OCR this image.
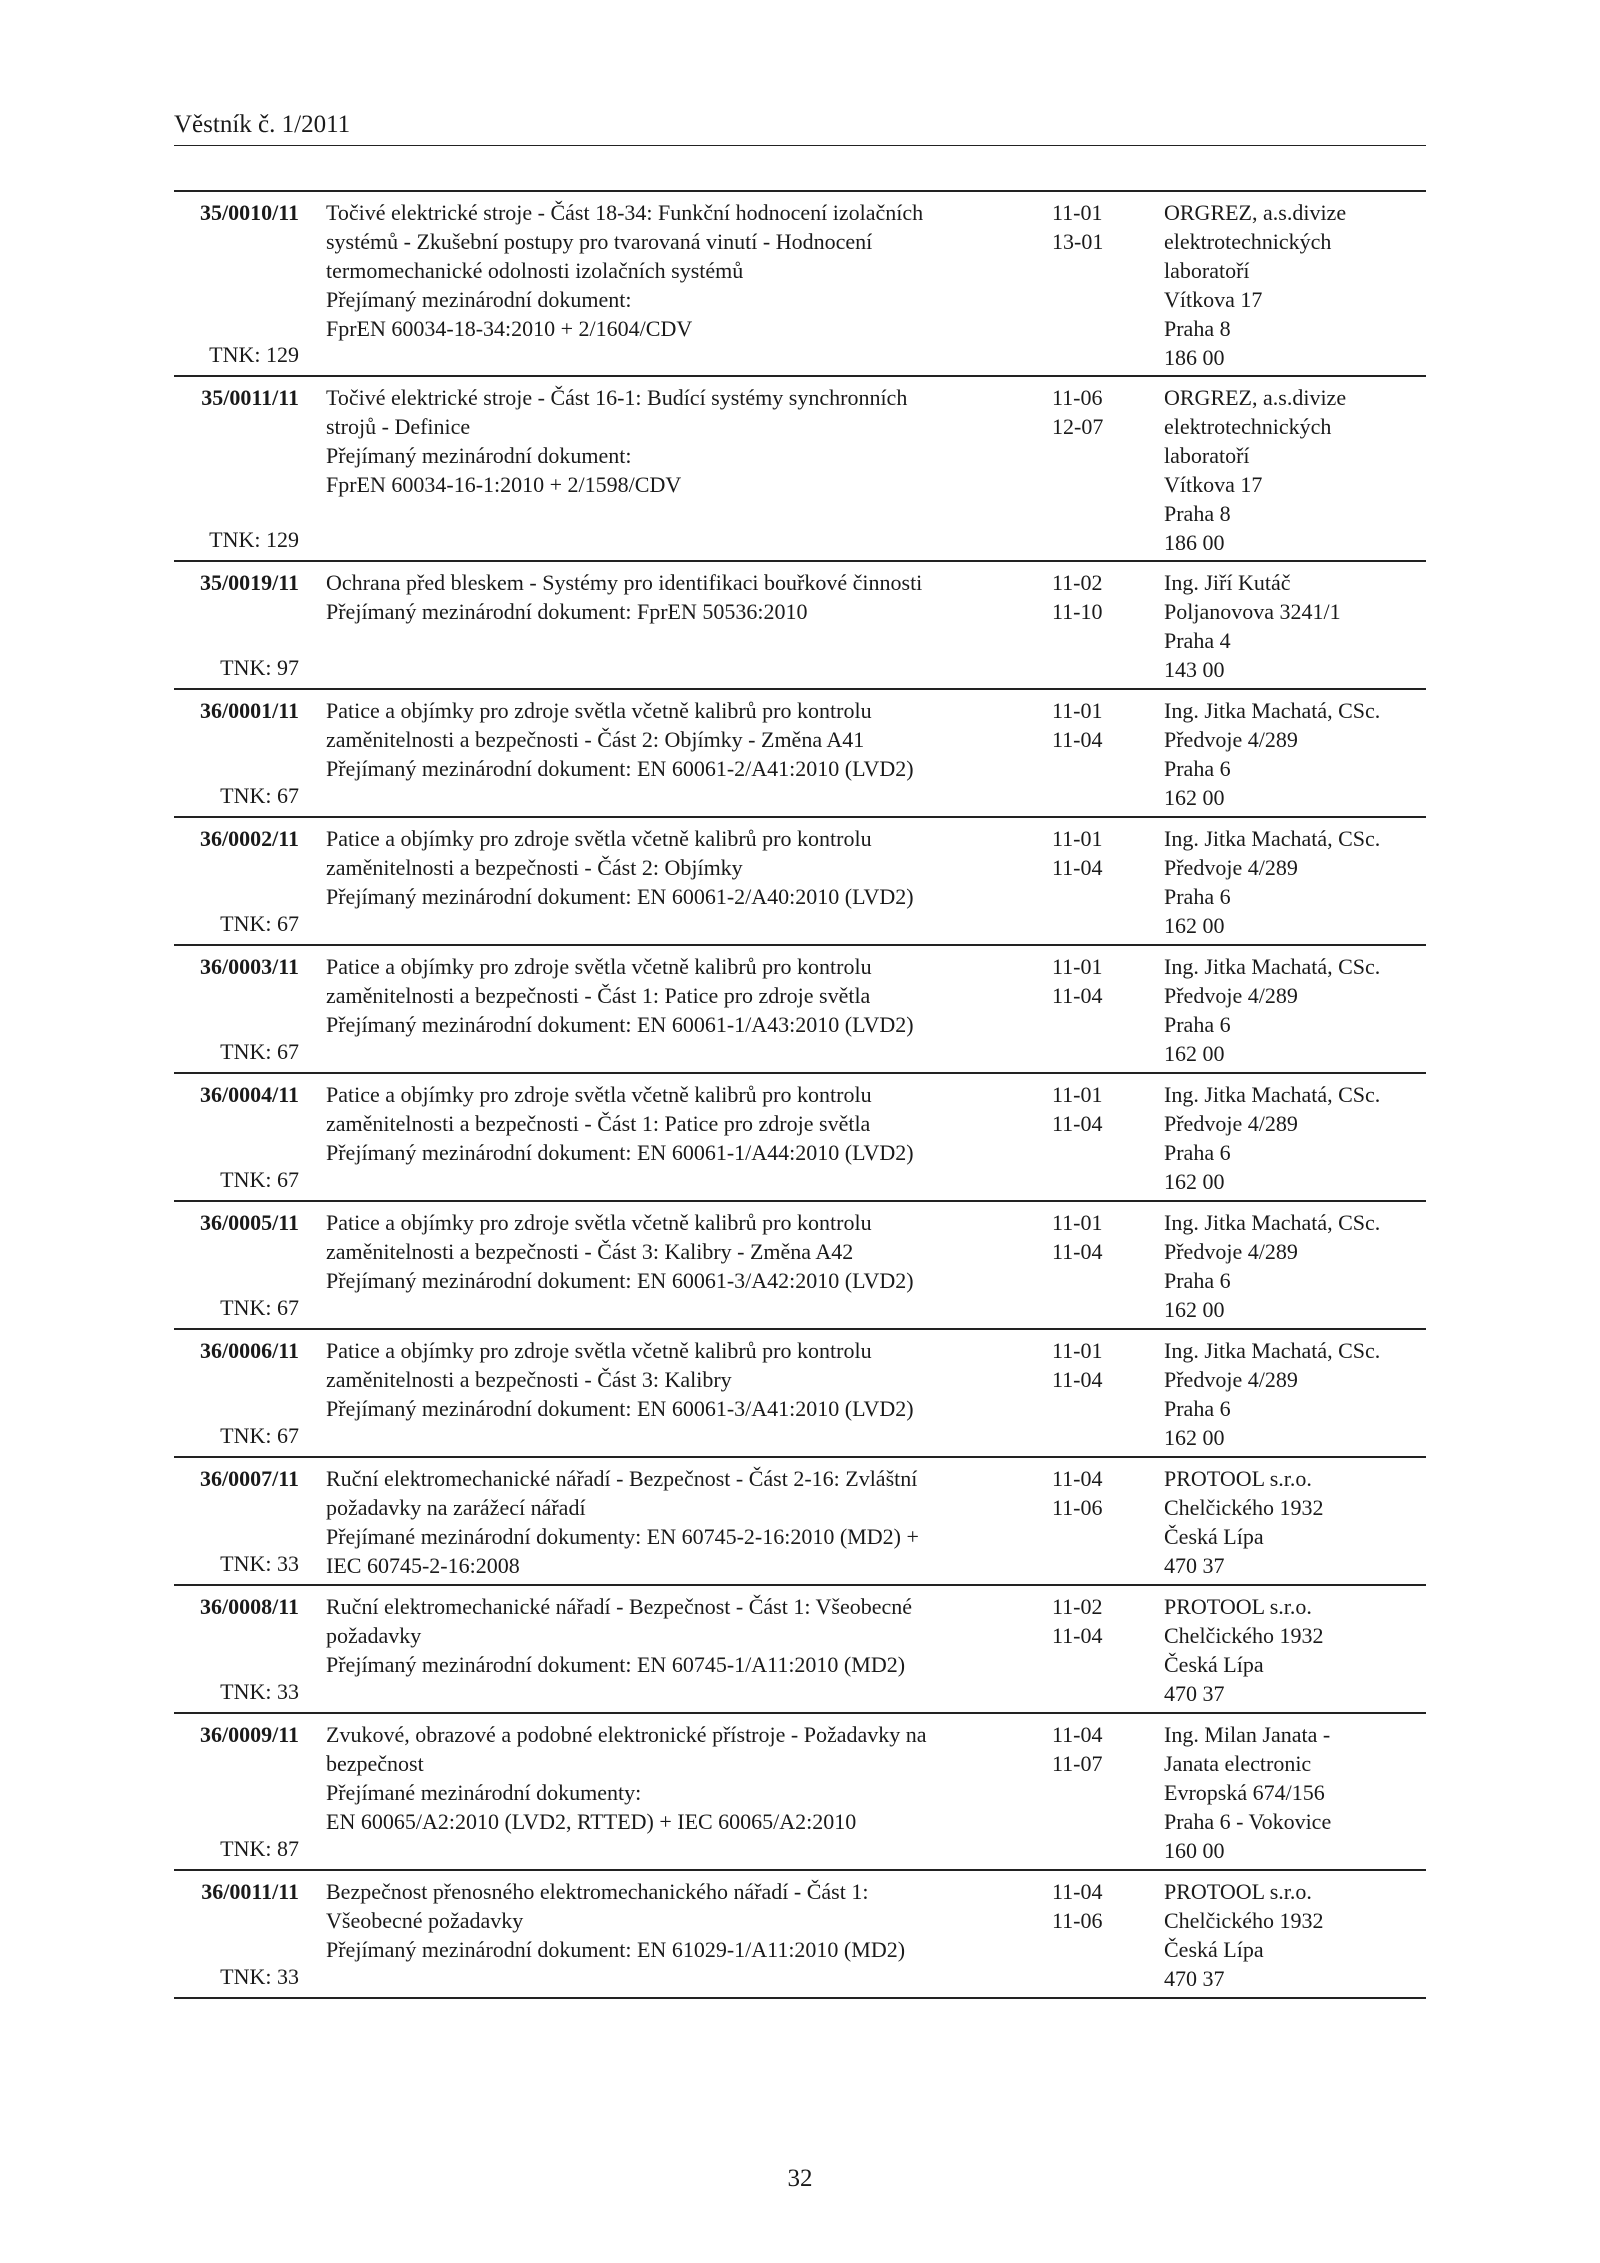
Věstník č. 1/2011
35/0010/11
TNK: 129
Točivé elektrické stroje - Část 18-34: Funkční hodnocení izolačních
systémů - Zkušební postupy pro tvarovaná vinutí - Hodnocení
termomechanické odolnosti izolačních systémů
Přejímaný mezinárodní dokument:
FprEN 60034-18-34:2010 + 2/1604/CDV
11-01
13-01
ORGREZ, a.s.divize
elektrotechnických
laboratoří
Vítkova 17
Praha 8
186 00
35/0011/11
TNK: 129
Točivé elektrické stroje - Část 16-1: Budící systémy synchronních
strojů - Definice
Přejímaný mezinárodní dokument:
FprEN 60034-16-1:2010 + 2/1598/CDV
11-06
12-07
ORGREZ, a.s.divize
elektrotechnických
laboratoří
Vítkova 17
Praha 8
186 00
35/0019/11
TNK: 97
Ochrana před bleskem - Systémy pro identifikaci bouřkové činnosti
Přejímaný mezinárodní dokument: FprEN 50536:2010
11-02
11-10
Ing. Jiří Kutáč
Poljanovova 3241/1
Praha 4
143 00
36/0001/11
TNK: 67
Patice a objímky pro zdroje světla včetně kalibrů pro kontrolu
zaměnitelnosti a bezpečnosti - Část 2: Objímky - Změna A41
Přejímaný mezinárodní dokument: EN 60061-2/A41:2010 (LVD2)
11-01
11-04
Ing. Jitka Machatá, CSc.
Předvoje 4/289
Praha 6
162 00
36/0002/11
TNK: 67
Patice a objímky pro zdroje světla včetně kalibrů pro kontrolu
zaměnitelnosti a bezpečnosti - Část 2: Objímky
Přejímaný mezinárodní dokument: EN 60061-2/A40:2010 (LVD2)
11-01
11-04
Ing. Jitka Machatá, CSc.
Předvoje 4/289
Praha 6
162 00
36/0003/11
TNK: 67
Patice a objímky pro zdroje světla včetně kalibrů pro kontrolu
zaměnitelnosti a bezpečnosti - Část 1: Patice pro zdroje světla
Přejímaný mezinárodní dokument: EN 60061-1/A43:2010 (LVD2)
11-01
11-04
Ing. Jitka Machatá, CSc.
Předvoje 4/289
Praha 6
162 00
36/0004/11
TNK: 67
Patice a objímky pro zdroje světla včetně kalibrů pro kontrolu
zaměnitelnosti a bezpečnosti - Část 1: Patice pro zdroje světla
Přejímaný mezinárodní dokument: EN 60061-1/A44:2010 (LVD2)
11-01
11-04
Ing. Jitka Machatá, CSc.
Předvoje 4/289
Praha 6
162 00
36/0005/11
TNK: 67
Patice a objímky pro zdroje světla včetně kalibrů pro kontrolu
zaměnitelnosti a bezpečnosti - Část 3: Kalibry - Změna A42
Přejímaný mezinárodní dokument: EN 60061-3/A42:2010 (LVD2)
11-01
11-04
Ing. Jitka Machatá, CSc.
Předvoje 4/289
Praha 6
162 00
36/0006/11
TNK: 67
Patice a objímky pro zdroje světla včetně kalibrů pro kontrolu
zaměnitelnosti a bezpečnosti - Část 3: Kalibry
Přejímaný mezinárodní dokument: EN 60061-3/A41:2010 (LVD2)
11-01
11-04
Ing. Jitka Machatá, CSc.
Předvoje 4/289
Praha 6
162 00
36/0007/11
TNK: 33
Ruční elektromechanické nářadí - Bezpečnost - Část 2-16: Zvláštní
požadavky na zarážecí nářadí
Přejímané mezinárodní dokumenty: EN 60745-2-16:2010 (MD2) +
IEC 60745-2-16:2008
11-04
11-06
PROTOOL s.r.o.
Chelčického 1932
Česká Lípa
470 37
36/0008/11
TNK: 33
Ruční elektromechanické nářadí - Bezpečnost - Část 1: Všeobecné
požadavky
Přejímaný mezinárodní dokument: EN 60745-1/A11:2010 (MD2)
11-02
11-04
PROTOOL s.r.o.
Chelčického 1932
Česká Lípa
470 37
36/0009/11
TNK: 87
Zvukové, obrazové a podobné elektronické přístroje - Požadavky na
bezpečnost
Přejímané mezinárodní dokumenty:
EN 60065/A2:2010 (LVD2, RTTED) + IEC 60065/A2:2010
11-04
11-07
Ing. Milan Janata -
Janata electronic
Evropská 674/156
Praha 6 - Vokovice
160 00
36/0011/11
TNK: 33
Bezpečnost přenosného elektromechanického nářadí - Část 1:
Všeobecné požadavky
Přejímaný mezinárodní dokument: EN 61029-1/A11:2010 (MD2)
11-04
11-06
PROTOOL s.r.o.
Chelčického 1932
Česká Lípa
470 37
32
